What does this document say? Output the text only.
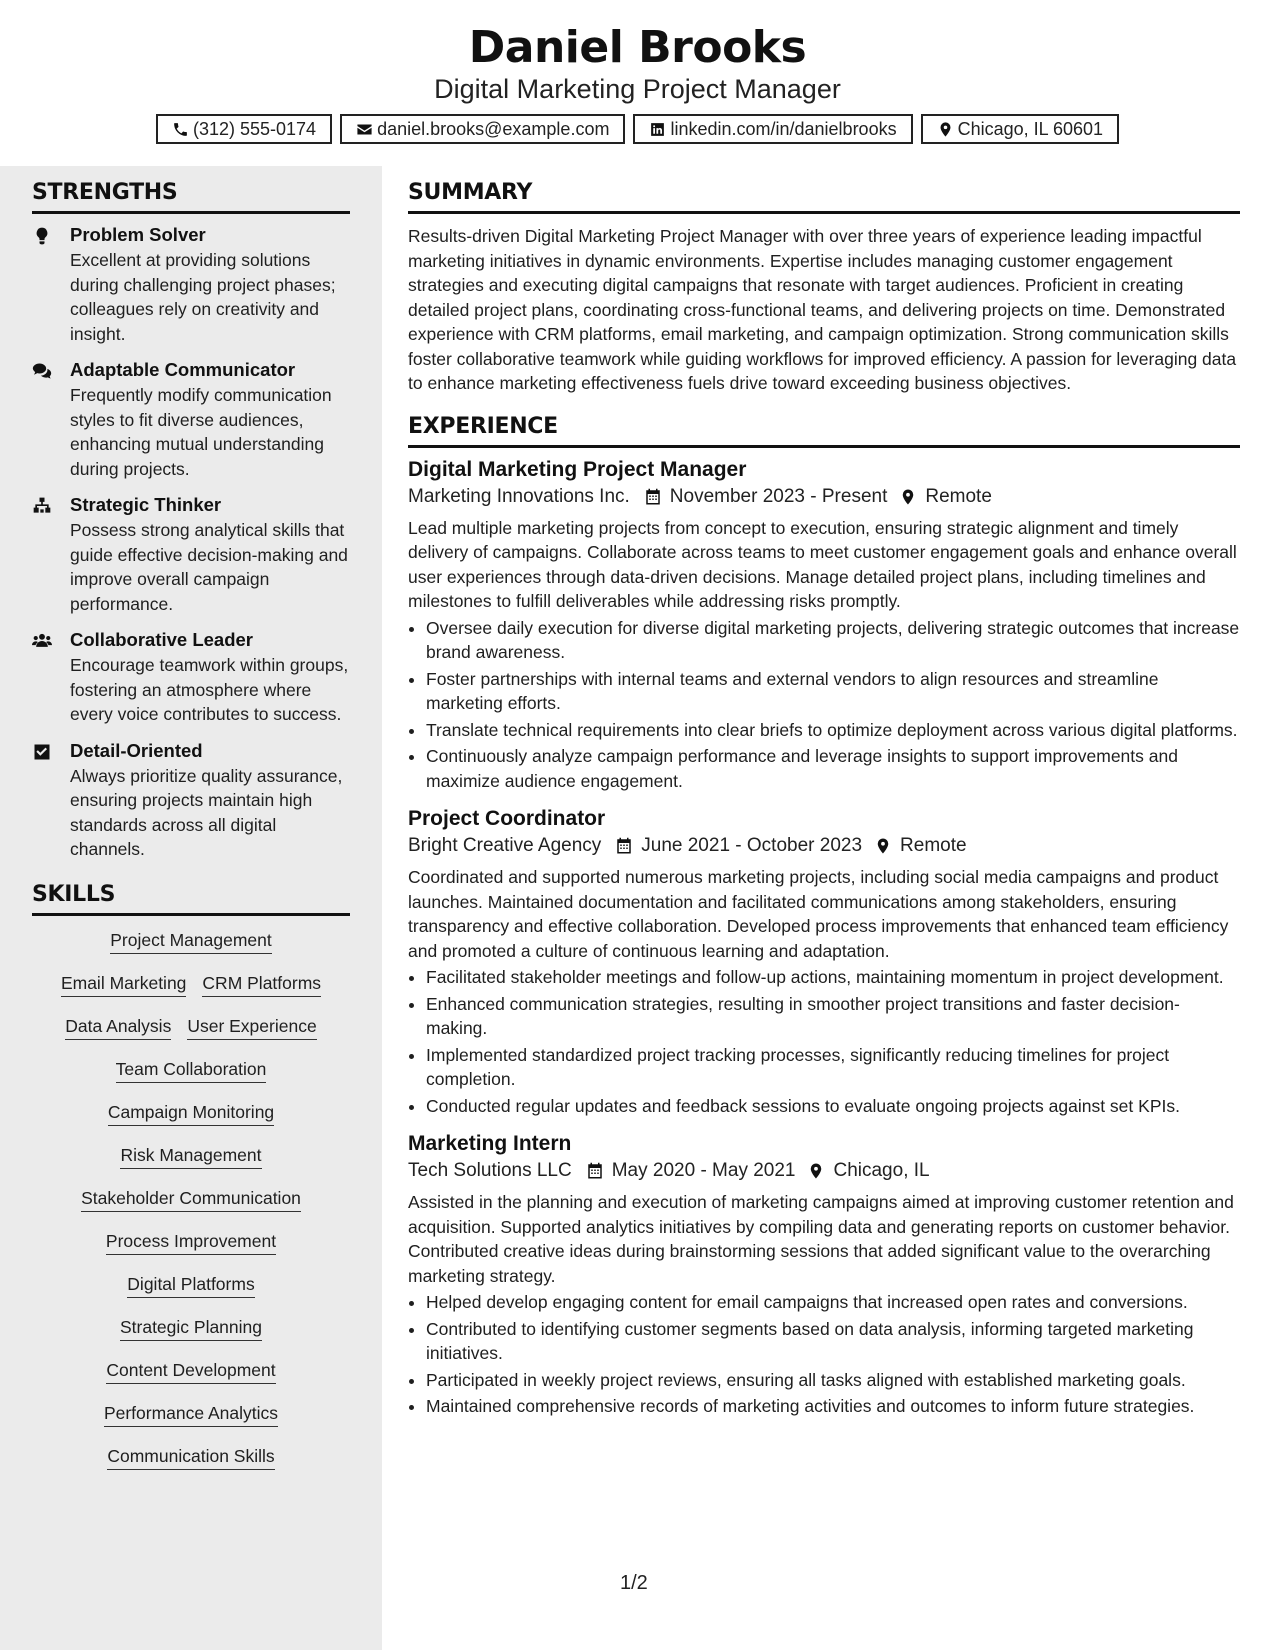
Daniel Brooks
Digital Marketing Project Manager
(312) 555-0174	daniel.brooks@example.com	linkedin.com/in/danielbrooks	Chicago, IL 60601
STRENGTHS
Problem Solver
Excellent at providing solutions during challenging project phases; colleagues rely on creativity and insight.
Adaptable Communicator
Frequently modify communication styles to fit diverse audiences, enhancing mutual understanding during projects.
Strategic Thinker
Possess strong analytical skills that guide effective decision-making and improve overall campaign performance.
Collaborative Leader
Encourage teamwork within groups, fostering an atmosphere where every voice contributes to success.
Detail-Oriented
Always prioritize quality assurance, ensuring projects maintain high standards across all digital channels.
SKILLS
Project Management
Email Marketing CRM Platforms
Data Analysis User Experience
Team Collaboration
Campaign Monitoring
Risk Management
Stakeholder Communication
Process Improvement
Digital Platforms
Strategic Planning
Content Development
Performance Analytics
Communication Skills
SUMMARY

Results-driven Digital Marketing Project Manager with over three years of experience leading impactful marketing initiatives in dynamic environments. Expertise includes managing customer engagement strategies and executing digital campaigns that resonate with target audiences. Proficient in creating detailed project plans, coordinating cross-functional teams, and delivering projects on time. Demonstrated experience with CRM platforms, email marketing, and campaign optimization. Strong communication skills foster collaborative teamwork while guiding workflows for improved efficiency. A passion for leveraging data to enhance marketing effectiveness fuels drive toward exceeding business objectives.

EXPERIENCE
Digital Marketing Project Manager
Marketing Innovations Inc. November 2023 - Present Remote

Lead multiple marketing projects from concept to execution, ensuring strategic alignment and timely delivery of campaigns. Collaborate across teams to meet customer engagement goals and enhance overall user experiences through data-driven decisions. Manage detailed project plans, including timelines and milestones to fulfill deliverables while addressing risks promptly.

• Oversee daily execution for diverse digital marketing projects, delivering strategic outcomes that increase brand awareness.
• Foster partnerships with internal teams and external vendors to align resources and streamline marketing efforts.
• Translate technical requirements into clear briefs to optimize deployment across various digital platforms.
• Continuously analyze campaign performance and leverage insights to support improvements and maximize audience engagement.
Project Coordinator
Bright Creative Agency June 2021 - October 2023 Remote

Coordinated and supported numerous marketing projects, including social media campaigns and product launches. Maintained documentation and facilitated communications among stakeholders, ensuring transparency and effective collaboration. Developed process improvements that enhanced team efficiency and promoted a culture of continuous learning and adaptation.

• Facilitated stakeholder meetings and follow-up actions, maintaining momentum in project development.
• Enhanced communication strategies, resulting in smoother project transitions and faster decision-making.
• Implemented standardized project tracking processes, significantly reducing timelines for project completion.
• Conducted regular updates and feedback sessions to evaluate ongoing projects against set KPIs.
Marketing Intern
Tech Solutions LLC May 2020 - May 2021 Chicago, IL

Assisted in the planning and execution of marketing campaigns aimed at improving customer retention and acquisition. Supported analytics initiatives by compiling data and generating reports on customer behavior. Contributed creative ideas during brainstorming sessions that added significant value to the overarching marketing strategy.

• Helped develop engaging content for email campaigns that increased open rates and conversions.
• Contributed to identifying customer segments based on data analysis, informing targeted marketing initiatives.
• Participated in weekly project reviews, ensuring all tasks aligned with established marketing goals.
• Maintained comprehensive records of marketing activities and outcomes to inform future strategies.
1/2
